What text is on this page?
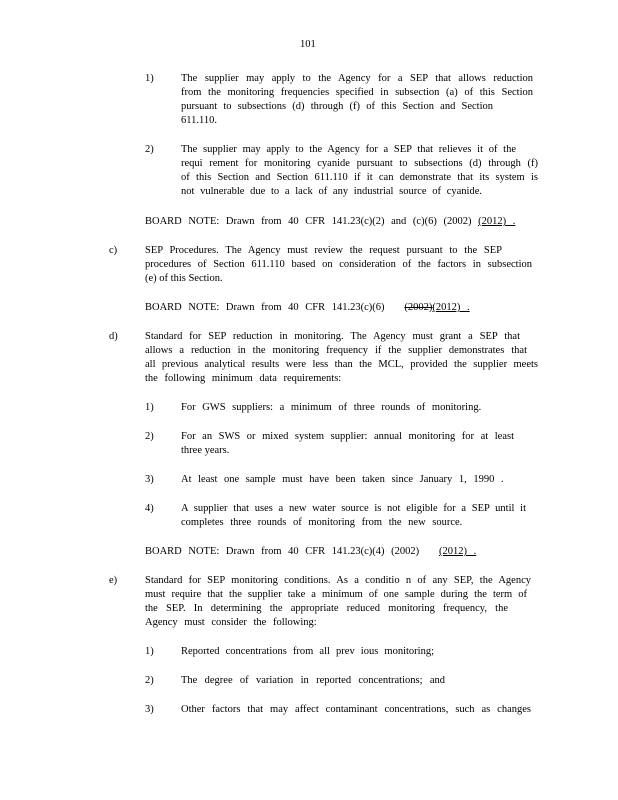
101
1)	The supplier may apply to the Agency for a SEP that allows reduction
from the monitoring frequencies specified in subsection (a) of this Section
pursuant to subsections (d) through (f) of this Section and Section
611.110.
2)	The supplier may apply to the Agency for a SEP that relieves it of the
requi rement for monitoring cyanide pursuant to subsections (d) through (f)
of this Section and Section 611.110 if it can demonstrate that its system is
not vulnerable due to a lack of any industrial source of cyanide.
BOARD NOTE: Drawn from 40 CFR 141.23(c)(2) and (c)(6) (2002) (2012) .
c)	SEP Procedures. The Agency must review the request pursuant to the SEP
procedures of Section 611.110 based on consideration of the factors in subsection
(e) of this Section.
BOARD NOTE: Drawn from 40 CFR 141.23(c)(6) (2002)(2012) .
d)	Standard for SEP reduction in monitoring. The Agency must grant a SEP that
allows a reduction in the monitoring frequency if the supplier demonstrates that
all previous analytical results were less than the MCL, provided the supplier meets
the following minimum data requirements:
1)	For GWS suppliers: a minimum of three rounds of monitoring.
2)	For an SWS or mixed system supplier: annual monitoring for at least
three years.
3)	At least one sample must have been taken since January 1, 1990 .
4)	A supplier that uses a new water source is not eligible for a SEP until it
completes three rounds of monitoring from the new source.
BOARD NOTE: Drawn from 40 CFR 141.23(c)(4) (2002) (2012) .
e)	Standard for SEP monitoring conditions. As a conditio n of any SEP, the Agency
must require that the supplier take a minimum of one sample during the term of
the SEP. In determining the appropriate reduced monitoring frequency, the
Agency must consider the following:
1)	Reported concentrations from all prev ious monitoring;
2)	The degree of variation in reported concentrations; and
3)	Other factors that may affect contaminant concentrations, such as changes
